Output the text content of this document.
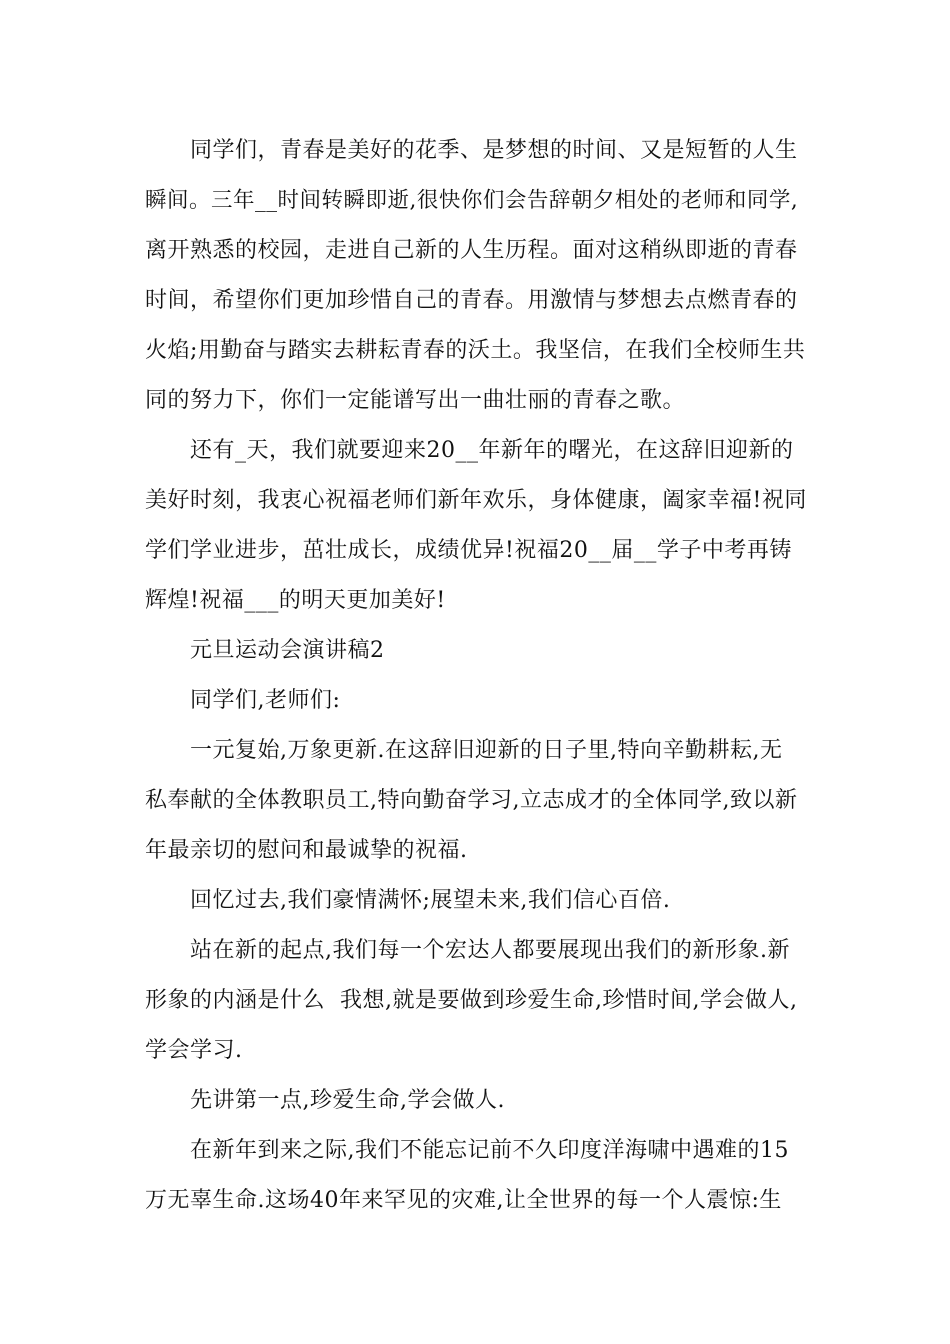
同学们，青春是美好的花季、是梦想的时间、又是短暂的人生
瞬间。三年__时间转瞬即逝,很快你们会告辞朝夕相处的老师和同学,
离开熟悉的校园，走进自己新的人生历程。面对这稍纵即逝的青春
时间，希望你们更加珍惜自己的青春。用激情与梦想去点燃青春的
火焰;用勤奋与踏实去耕耘青春的沃土。我坚信，在我们全校师生共
同的努力下，你们一定能谱写出一曲壮丽的青春之歌。
还有_天，我们就要迎来20__年新年的曙光，在这辞旧迎新的
美好时刻，我衷心祝福老师们新年欢乐，身体健康，阖家幸福!祝同
学们学业进步，茁壮成长，成绩优异!祝福20__届__学子中考再铸
辉煌!祝福___的明天更加美好!
元旦运动会演讲稿2
同学们,老师们:
一元复始,万象更新.在这辞旧迎新的日子里,特向辛勤耕耘,无
私奉献的全体教职员工,特向勤奋学习,立志成才的全体同学,致以新
年最亲切的慰问和最诚挚的祝福.
回忆过去,我们豪情满怀;展望未来,我们信心百倍.
站在新的起点,我们每一个宏达人都要展现出我们的新形象.新
形象的内涵是什么  我想,就是要做到珍爱生命,珍惜时间,学会做人,
学会学习.
先讲第一点,珍爱生命,学会做人.
在新年到来之际,我们不能忘记前不久印度洋海啸中遇难的15
万无辜生命.这场40年来罕见的灾难,让全世界的每一个人震惊:生
